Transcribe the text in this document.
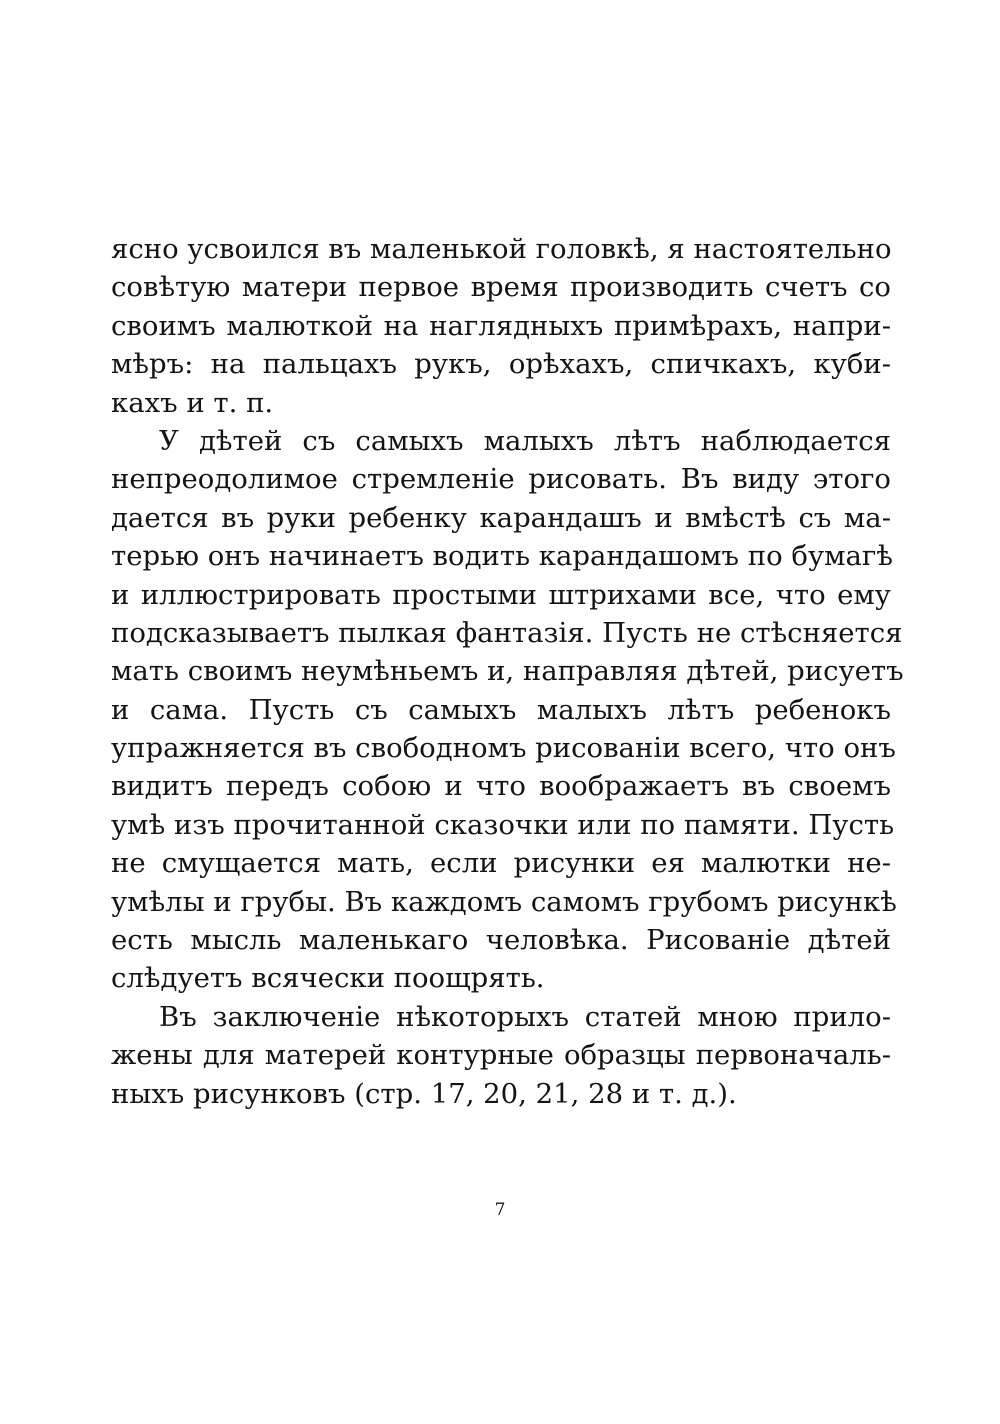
ясно усвоился въ маленькой головкѣ, я настоятельно
совѣтую матери первое время производить счетъ со
своимъ малюткой на наглядныхъ примѣрахъ, напри-
мѣръ: на пальцахъ рукъ, орѣхахъ, спичкахъ, куби-
кахъ и т. п.
У дѣтей съ самыхъ малыхъ лѣтъ наблюдается
непреодолимое стремленіе рисовать. Въ виду этого
дается въ руки ребенку карандашъ и вмѣстѣ съ ма-
терью онъ начинаетъ водить карандашомъ по бумагѣ
и иллюстрировать простыми штрихами все, что ему
подсказываетъ пылкая фантазія. Пусть не стѣсняется
мать своимъ неумѣньемъ и, направляя дѣтей, рисуетъ
и сама. Пусть съ самыхъ малыхъ лѣтъ ребенокъ
упражняется въ свободномъ рисованіи всего, что онъ
видитъ передъ собою и что воображаетъ въ своемъ
умѣ изъ прочитанной сказочки или по памяти. Пусть
не смущается мать, если рисунки ея малютки не-
умѣлы и грубы. Въ каждомъ самомъ грубомъ рисункѣ
есть мысль маленькаго человѣка. Рисованіе дѣтей
слѣдуетъ всячески поощрять.
Въ заключеніе нѣкоторыхъ статей мною прило-
жены для матерей контурные образцы первоначаль-
ныхъ рисунковъ (стр. 17, 20, 21, 28 и т. д.).
7
